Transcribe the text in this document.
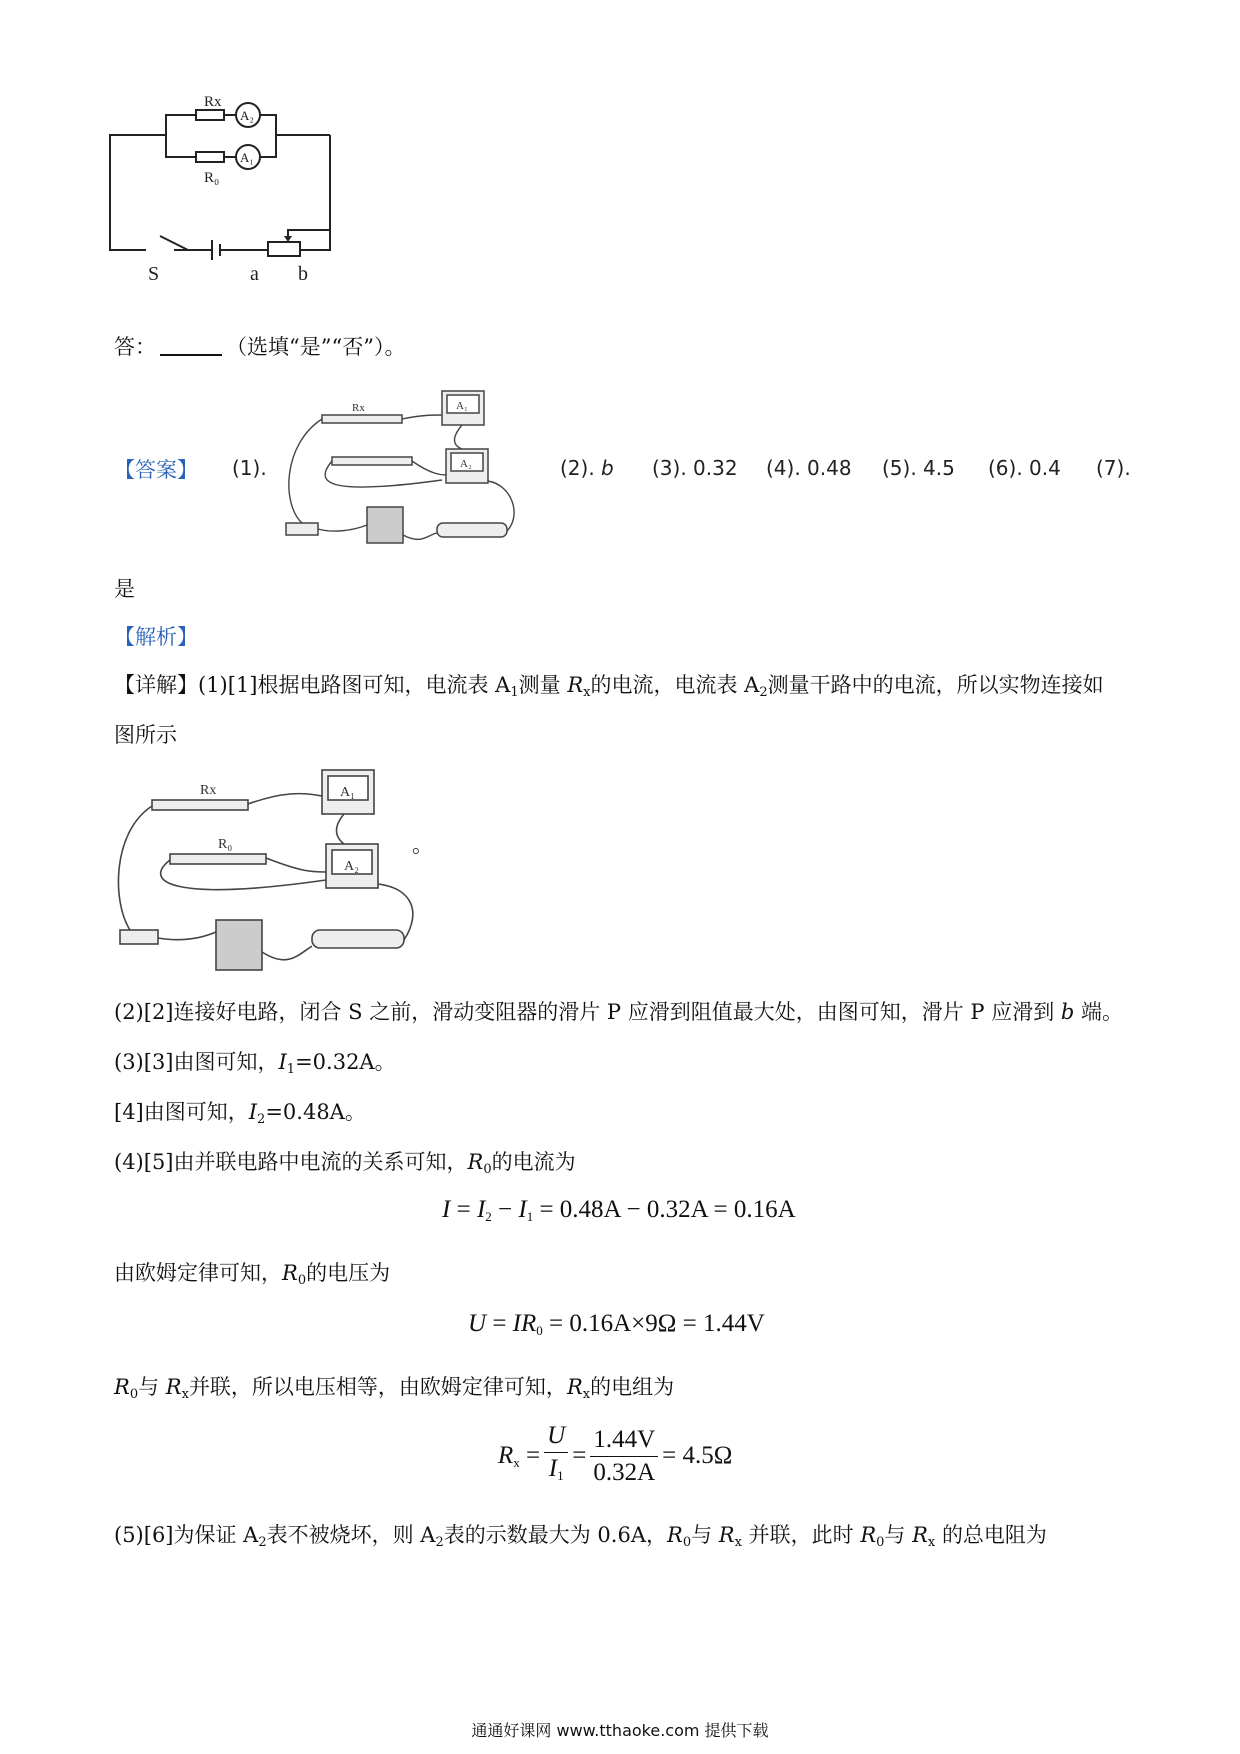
Rx
A₂
A₁
R₀
S	a b
答：	（选填“是”“否”）。
【答案】 (1).
Rx	A₁
A₂	(2). b (3). 0.32 (4). 0.48 (5). 4.5 (6). 0.4 (7).
是
【解析】
【详解】(1)[1]根据电路图可知，电流表 $A_1$测量 $R_x$的电流，电流表 $A_2$测量干路中的电流，所以实物连接如
图所示
Rx
R₀
A₁
A₂
。
(2)[2]连接好电路，闭合 S 之前，滑动变阻器的滑片 P 应滑到阻值最大处，由图可知，滑片 P 应滑到 b 端。
(3)[3]由图可知，$I_1=0.32A$。
[4]由图可知，$I_2=0.48A$。
(4)[5]由并联电路中电流的关系可知，$R_0$的电流为
$I = I_2 - I_1 = 0.48A - 0.32A = 0.16A$
由欧姆定律可知，$R_0$的电压为
$U = IR_0 = 0.16A\times 9\Omega = 1.44V$
$R_0$与 $R_x$并联，所以电压相等，由欧姆定律可知，$R_x$的电组为
$R_x = \frac{U}{I_1} = \frac{1.44V}{0.32A} = 4.5\Omega$
(5)[6]为保证 $A_2$表不被烧坏，则 $A_2$表的示数最大为 0.6A，$R_0$与 $R_x$ 并联，此时 $R_0$与 $R_x$ 的总电阻为
通通好课网 www.tthaoke.com 提供下载
